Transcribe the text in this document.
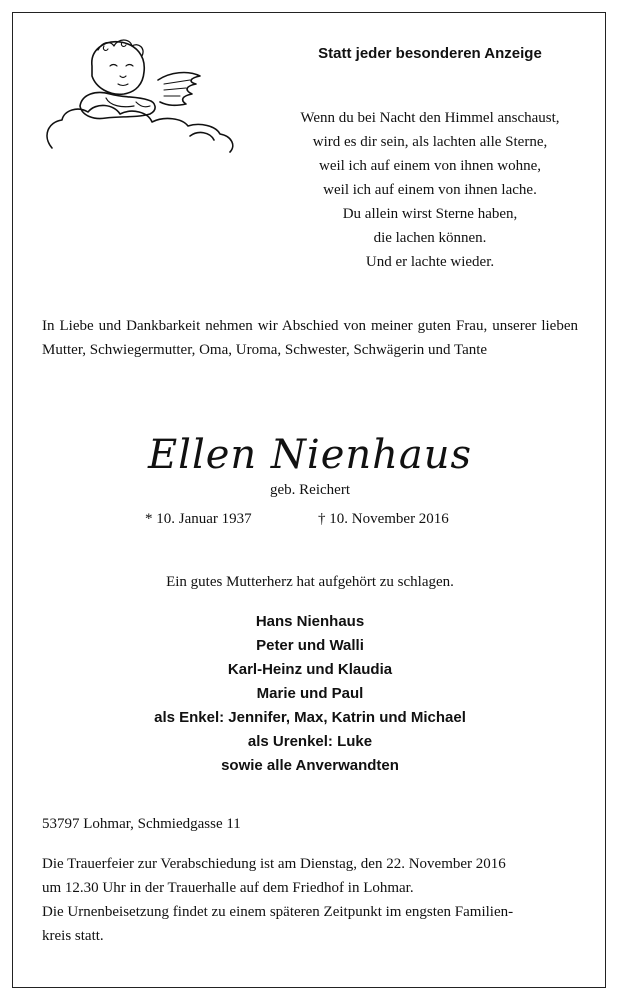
Statt jeder besonderen Anzeige
Wenn du bei Nacht den Himmel anschaust,
wird es dir sein, als lachten alle Sterne,
weil ich auf einem von ihnen wohne,
weil ich auf einem von ihnen lache.
Du allein wirst Sterne haben,
die lachen können.
Und er lachte wieder.
In Liebe und Dankbarkeit nehmen wir Abschied von meiner guten Frau, unserer lieben Mutter, Schwiegermutter, Oma, Uroma, Schwester, Schwägerin und Tante
Ellen Nienhaus
geb. Reichert
* 10. Januar 1937	† 10. November 2016
Ein gutes Mutterherz hat aufgehört zu schlagen.
Hans Nienhaus
Peter und Walli
Karl-Heinz und Klaudia
Marie und Paul
als Enkel: Jennifer, Max, Katrin und Michael
als Urenkel: Luke
sowie alle Anverwandten
53797 Lohmar, Schmiedgasse 11
Die Trauerfeier zur Verabschiedung ist am Dienstag, den 22. November 2016
um 12.30 Uhr in der Trauerhalle auf dem Friedhof in Lohmar.
Die Urnenbeisetzung findet zu einem späteren Zeitpunkt im engsten Familien-
kreis statt.
